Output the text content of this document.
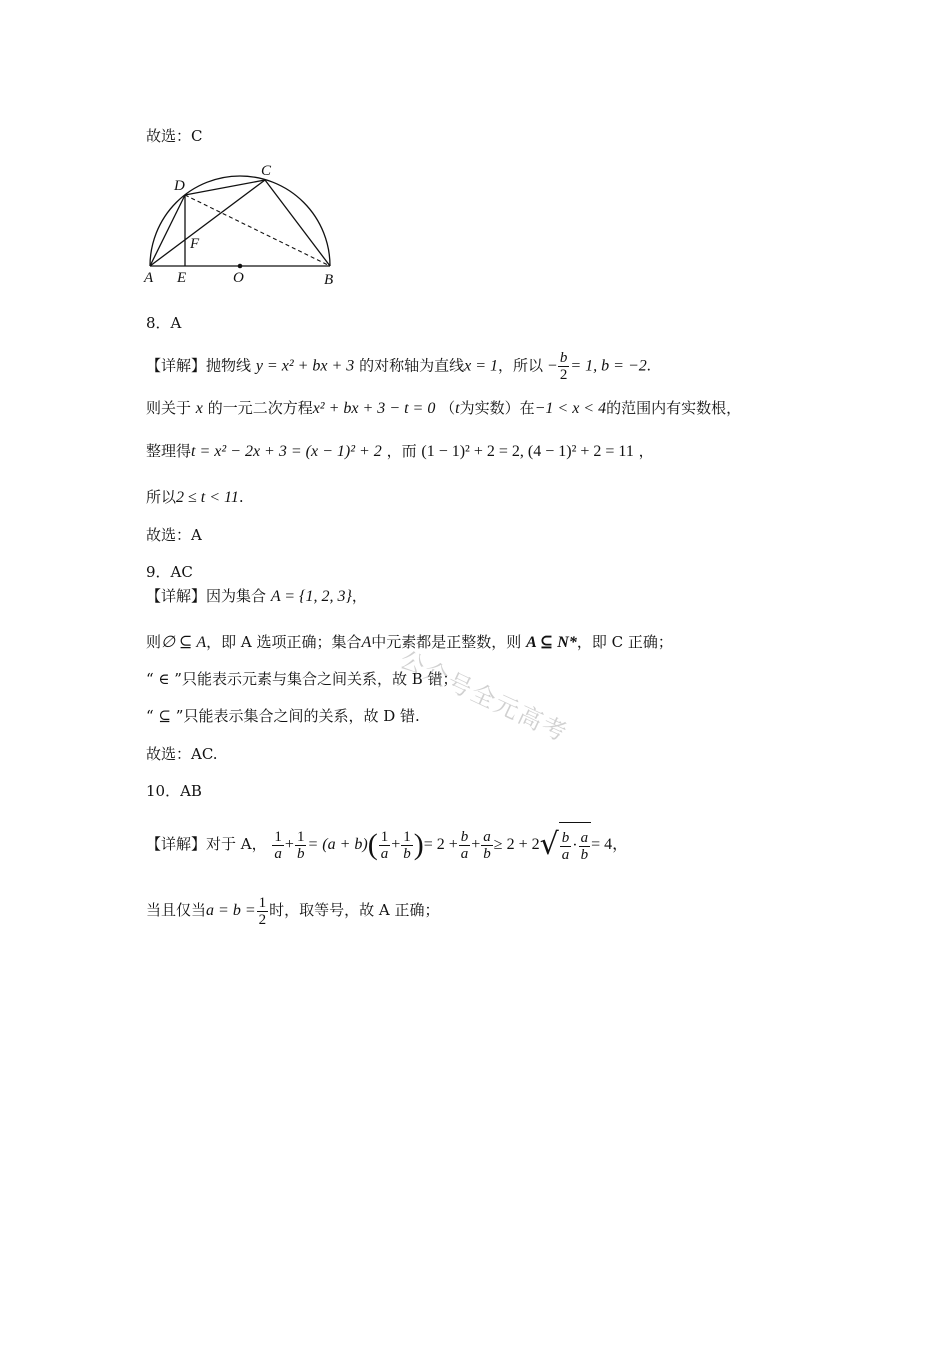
故选：C
D
C
F
A E	O	B
8．A
【详解】抛物线 y = x² + bx + 3 的对称轴为直线x = 1，所以 − $\frac{b}{2} = 1$, b = −2.
则关于 x 的一元二次方程x² + bx + 3 − t = 0 （t为实数）在−1 < x < 4的范围内有实数根，
整理得t = x² − 2x + 3 = (x − 1)² + 2 ，而 (1 − 1)² + 2 = 2, (4 − 1)² + 2 = 11 ，
所以2 ≤ t < 11.
故选：A
9．AC
【详解】因为集合 A = {1, 2, 3}，
则∅ ⊆ A，即 A 选项正确；集合A中元素都是正整数，则 A ⊆ N*，即 C 正确；
“ ∈ ”只能表示元素与集合之间关系，故 B 错；
“ ⊆ ”只能表示集合之间的关系，故 D 错.
故选：AC.
10．AB
【详解】对于 A， $\frac{1}{a} + \frac{1}{b} = (a + b)( \frac{1}{a} + \frac{1}{b}$ )= $2 + \frac{b}{a} + \frac{a}{b} \ge 2 + 2√ \frac{b}{a} \cdot \frac{a}{b} = 4$，
当且仅当$a = b = \frac{1}{2}$ 时，取等号，故 A 正确；
公众号全元高考
